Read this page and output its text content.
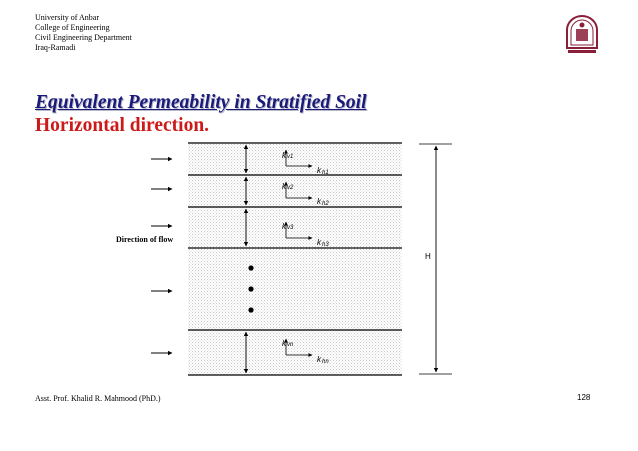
University of Anbar
College of Engineering
Civil Engineering Department
Iraq-Ramadi
Equivalent Permeability in Stratified Soil
Horizontal direction.
kv1
kh1
kv2
kh2
kv3
kh3
kvn
khn
Direction of flow
H
Asst. Prof. Khalid R. Mahmood (PhD.)	128
